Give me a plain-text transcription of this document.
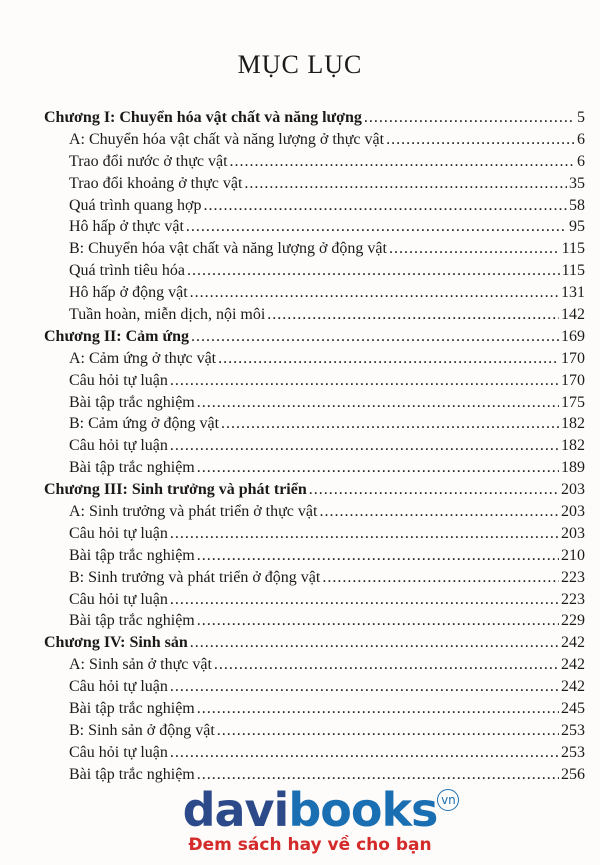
MỤC LỤC
Chương I: Chuyển hóa vật chất và năng lượng .....	5
A: Chuyển hóa vật chất và năng lượng ở thực vật .....	6
Trao đổi nước ở thực vật .....	6
Trao đổi khoảng ở thực vật .....	35
Quá trình quang hợp .....	58
Hô hấp ở thực vật .....	95
B: Chuyển hóa vật chất và năng lượng ở động vật .....	115
Quá trình tiêu hóa .....	115
Hô hấp ở động vật .....	131
Tuần hoàn, miễn dịch, nội môi .....	142
Chương II: Cảm ứng .....	169
A: Cảm ứng ở thực vật .....	170
Câu hỏi tự luận .....	170
Bài tập trắc nghiệm .....	175
B: Cảm ứng ở động vật .....	182
Câu hỏi tự luận .....	182
Bài tập trắc nghiệm .....	189
Chương III: Sinh trưởng và phát triển .....	203
A: Sinh trưởng và phát triển ở thực vật .....	203
Câu hỏi tự luận .....	203
Bài tập trắc nghiệm .....	210
B: Sinh trưởng và phát triển ở động vật .....	223
Câu hỏi tự luận .....	223
Bài tập trắc nghiệm .....	229
Chương IV: Sinh sản .....	242
A: Sinh sản ở thực vật .....	242
Câu hỏi tự luận .....	242
Bài tập trắc nghiệm .....	245
B: Sinh sản ở động vật .....	253
Câu hỏi tự luận .....	253
Bài tập trắc nghiệm .....	256
davibooks vn
Đem sách hay về cho bạn
